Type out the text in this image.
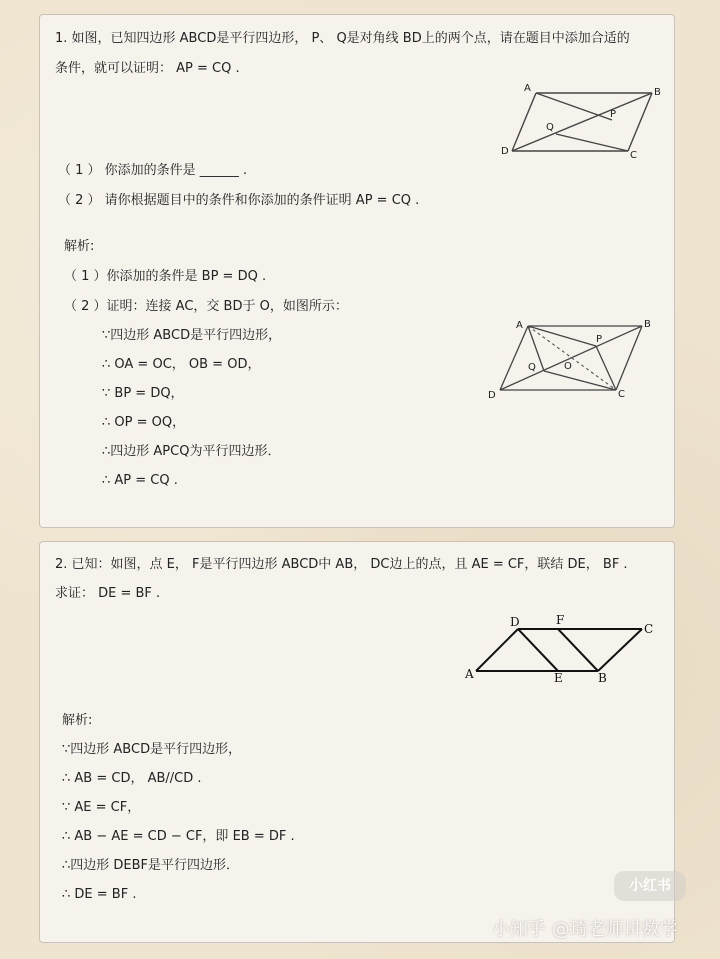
1. 如图，已知四边形 ABCD是平行四边形， P、 Q是对角线 BD上的两个点，请在题目中添加合适的
条件，就可以证明： AP = CQ .
A	B
C
D
P
Q
（ 1 ） 你添加的条件是 ______ .
（ 2 ） 请你根据题目中的条件和你添加的条件证明 AP = CQ .
解析:
（ 1 ）你添加的条件是 BP = DQ .
（ 2 ）证明：连接 AC，交 BD于 O，如图所示：
∵四边形 ABCD是平行四边形，
∴ OA = OC， OB = OD，
∵ BP = DQ，
∴ OP = OQ，
∴四边形 APCQ为平行四边形．
∴ AP = CQ .
A	B
C
D
P
Q	O
2. 已知：如图，点 E， F是平行四边形 ABCD中 AB， DC边上的点，且 AE = CF，联结 DE， BF .
求证： DE = BF .
A	B
C
D
E
F
解析:
∵四边形 ABCD是平行四边形，
∴ AB = CD， AB//CD .
∵ AE = CF，
∴ AB − AE = CD − CF，即 EB = DF .
∴四边形 DEBF是平行四边形．
∴ DE = BF .
小红书
小知乎 @琦老师讲数学
